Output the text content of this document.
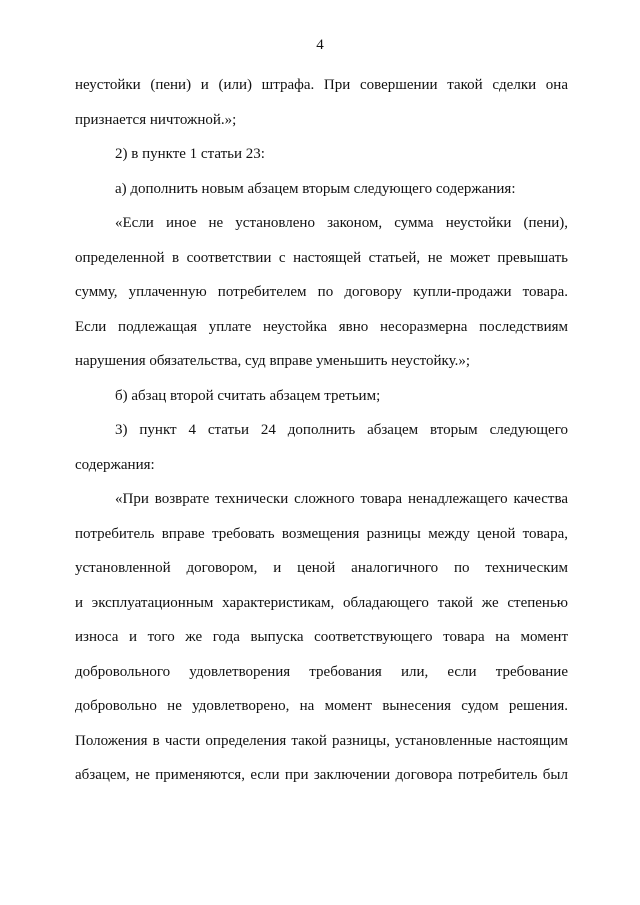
4
неустойки (пени) и (или) штрафа. При совершении такой сделки она
признается ничтожной.»;
2) в пункте 1 статьи 23:
а) дополнить новым абзацем вторым следующего содержания:
«Если иное не установлено законом, сумма неустойки (пени),
определенной в соответствии с настоящей статьей, не может превышать
сумму, уплаченную потребителем по договору купли-продажи товара.
Если подлежащая уплате неустойка явно несоразмерна последствиям
нарушения обязательства, суд вправе уменьшить неустойку.»;
б) абзац второй считать абзацем третьим;
3) пункт 4 статьи 24 дополнить абзацем вторым следующего
содержания:
«При возврате технически сложного товара ненадлежащего качества
потребитель вправе требовать возмещения разницы между ценой товара,
установленной договором, и ценой аналогичного по техническим
и эксплуатационным характеристикам, обладающего такой же степенью
износа и того же года выпуска соответствующего товара на момент
добровольного удовлетворения требования или, если требование
добровольно не удовлетворено, на момент вынесения судом решения.
Положения в части определения такой разницы, установленные настоящим
абзацем, не применяются, если при заключении договора потребитель был
